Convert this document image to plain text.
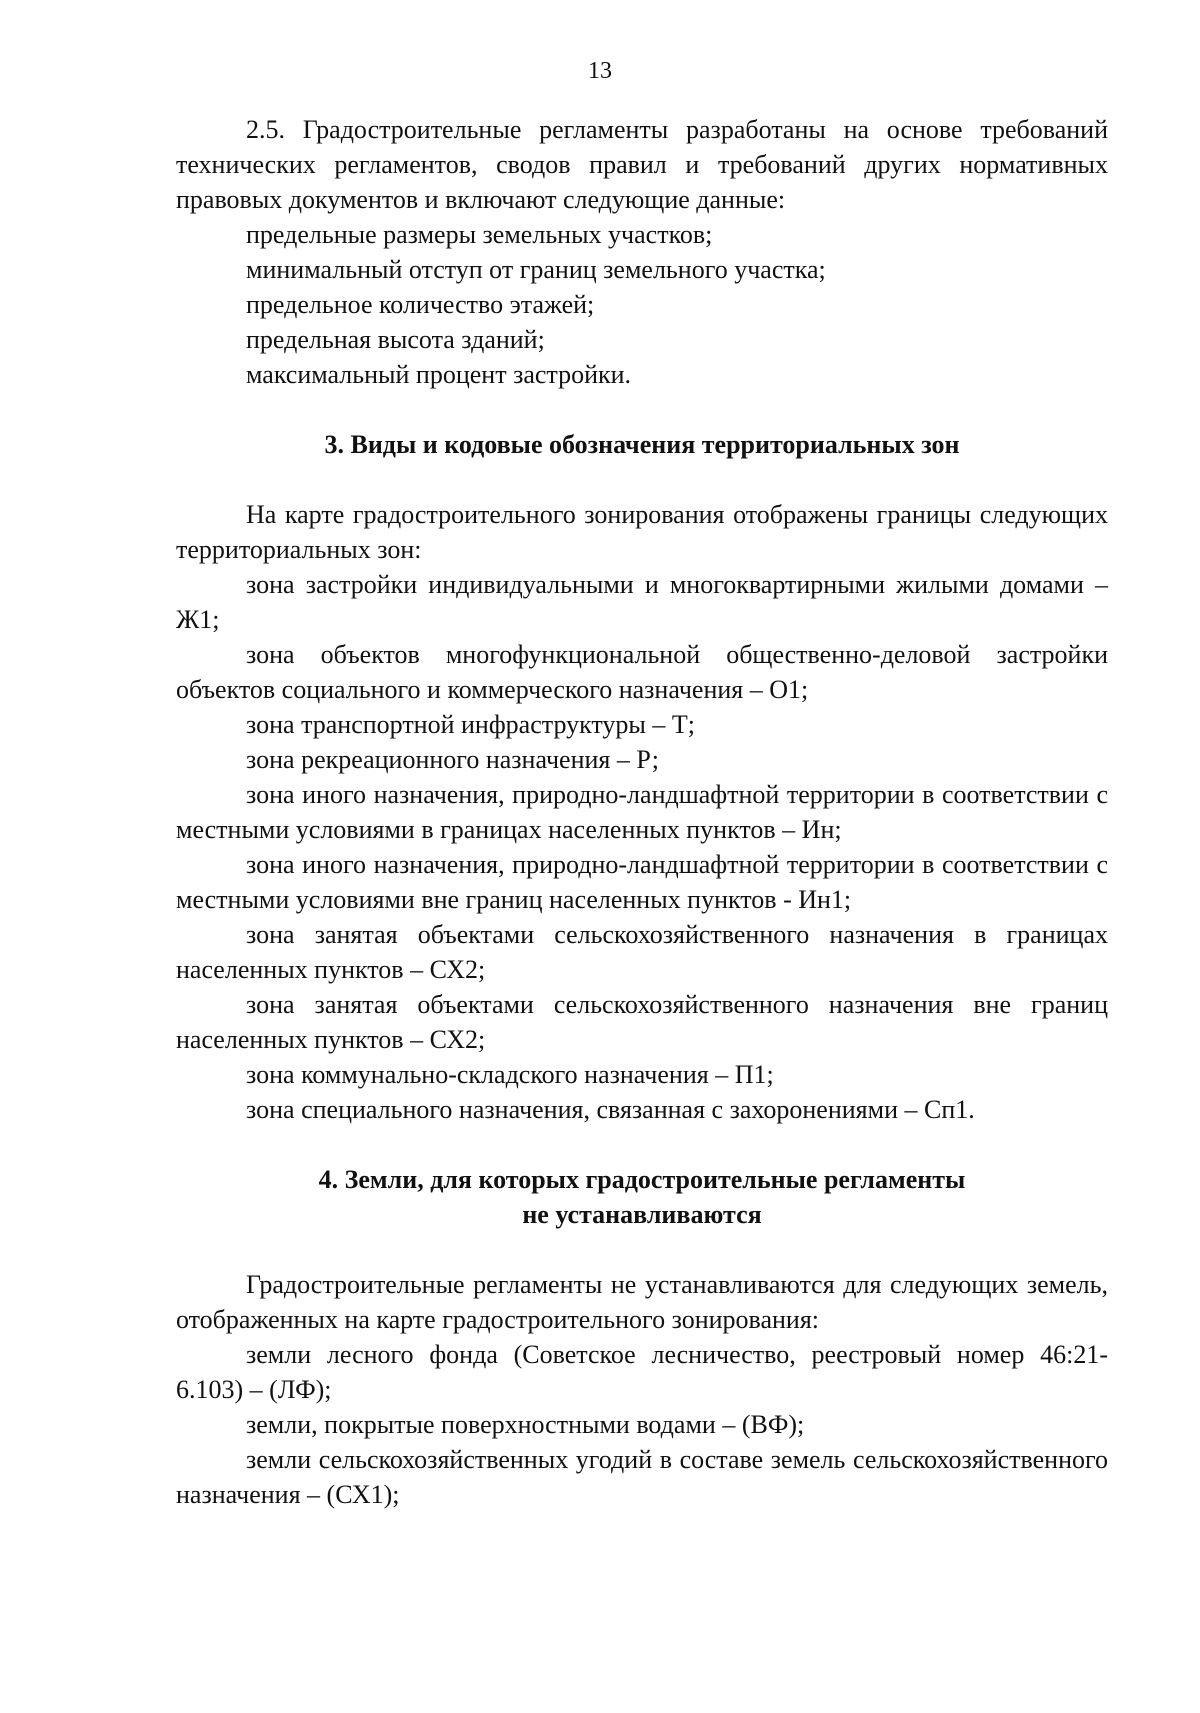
13

2.5. Градостроительные регламенты разработаны на основе требований технических регламентов, сводов правил и требований других нормативных правовых документов и включают следующие данные:

предельные размеры земельных участков;

минимальный отступ от границ земельного участка;

предельное количество этажей;

предельная высота зданий;

максимальный процент застройки.

3. Виды и кодовые обозначения территориальных зон

На карте градостроительного зонирования отображены границы следующих территориальных зон:

зона застройки индивидуальными и многоквартирными жилыми домами – Ж1;

зона объектов многофункциональной общественно-деловой застройки объектов социального и коммерческого назначения – О1;

зона транспортной инфраструктуры – Т;

зона рекреационного назначения – Р;

зона иного назначения, природно-ландшафтной территории в соответствии с местными условиями в границах населенных пунктов – Ин;

зона иного назначения, природно-ландшафтной территории в соответствии с местными условиями вне границ населенных пунктов - Ин1;

зона занятая объектами сельскохозяйственного назначения в границах населенных пунктов – СХ2;

зона занятая объектами сельскохозяйственного назначения вне границ населенных пунктов – СХ2;

зона коммунально-складского назначения – П1;

зона специального назначения, связанная с захоронениями – Сп1.

4. Земли, для которых градостроительные регламенты
не устанавливаются

Градостроительные регламенты не устанавливаются для следующих земель, отображенных на карте градостроительного зонирования:

земли лесного фонда (Советское лесничество, реестровый номер 46:21-6.103) – (ЛФ);

земли, покрытые поверхностными водами – (ВФ);

земли сельскохозяйственных угодий в составе земель сельскохозяйственного назначения – (СХ1);
